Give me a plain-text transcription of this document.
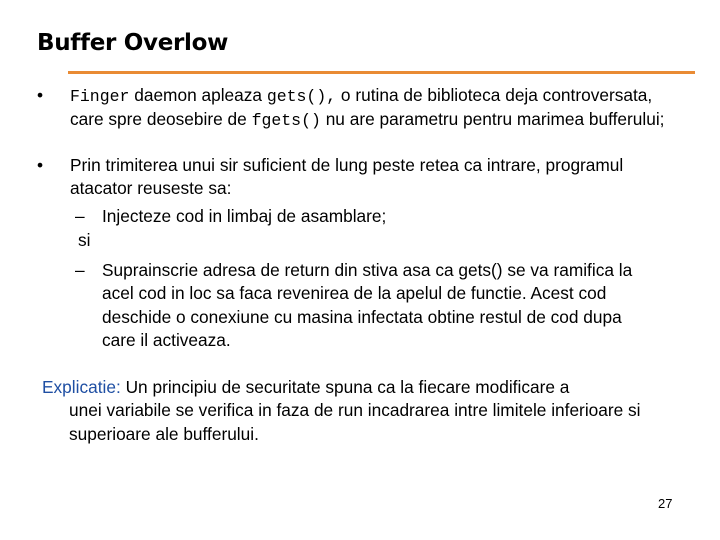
Buffer Overlow
•	Finger daemon apleaza gets(), o rutina de biblioteca deja controversata, care spre deosebire de fgets() nu are parametru pentru marimea bufferului;
•	Prin trimiterea unui sir suficient de lung peste retea ca intrare, programul atacator reuseste sa:
– Injecteze cod in limbaj de asamblare;
si
– Suprainscrie adresa de return din stiva asa ca gets() se va ramifica la acel cod in loc sa faca revenirea de la apelul de functie. Acest cod deschide o conexiune cu masina infectata obtine restul de cod dupa care il activeaza.
Explicatie: Un principiu de securitate spuna ca la fiecare modificare a
unei variabile se verifica in faza de run incadrarea intre limitele inferioare si superioare ale bufferului.
27
